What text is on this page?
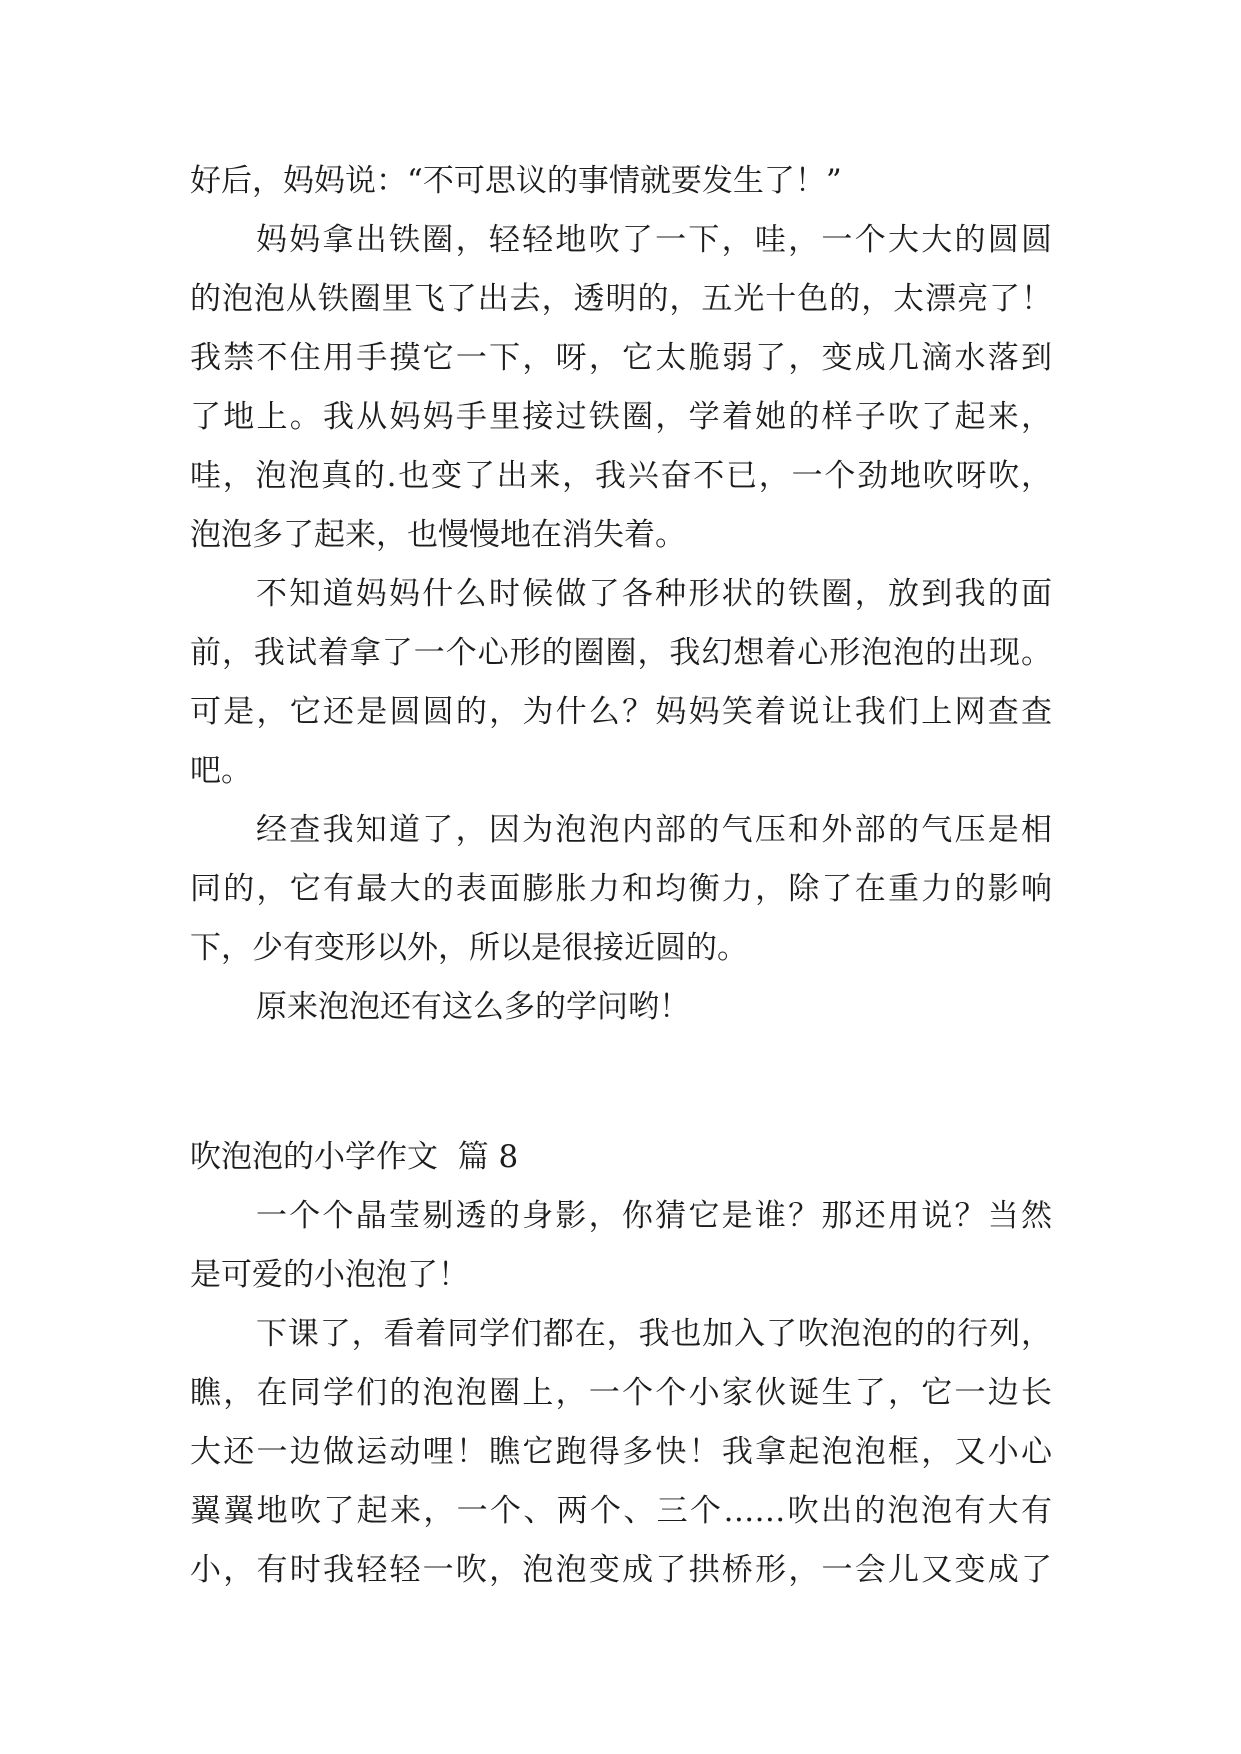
好后，妈妈说：“不可思议的事情就要发生了！”
妈妈拿出铁圈，轻轻地吹了一下，哇，一个大大的圆圆
的泡泡从铁圈里飞了出去，透明的，五光十色的，太漂亮了！
我禁不住用手摸它一下，呀，它太脆弱了，变成几滴水落到
了地上。我从妈妈手里接过铁圈，学着她的样子吹了起来，
哇，泡泡真的.也变了出来，我兴奋不已，一个劲地吹呀吹，
泡泡多了起来，也慢慢地在消失着。
不知道妈妈什么时候做了各种形状的铁圈，放到我的面
前，我试着拿了一个心形的圈圈，我幻想着心形泡泡的出现。
可是，它还是圆圆的，为什么？妈妈笑着说让我们上网查查
吧。
经查我知道了，因为泡泡内部的气压和外部的气压是相
同的，它有最大的表面膨胀力和均衡力，除了在重力的影响
下，少有变形以外，所以是很接近圆的。
原来泡泡还有这么多的学问哟！
吹泡泡的小学作文  篇 8
一个个晶莹剔透的身影，你猜它是谁？那还用说？当然
是可爱的小泡泡了！
下课了，看着同学们都在，我也加入了吹泡泡的的行列，
瞧，在同学们的泡泡圈上，一个个小家伙诞生了，它一边长
大还一边做运动哩！瞧它跑得多快！我拿起泡泡框，又小心
翼翼地吹了起来，一个、两个、三个……吹出的泡泡有大有
小，有时我轻轻一吹，泡泡变成了拱桥形，一会儿又变成了
